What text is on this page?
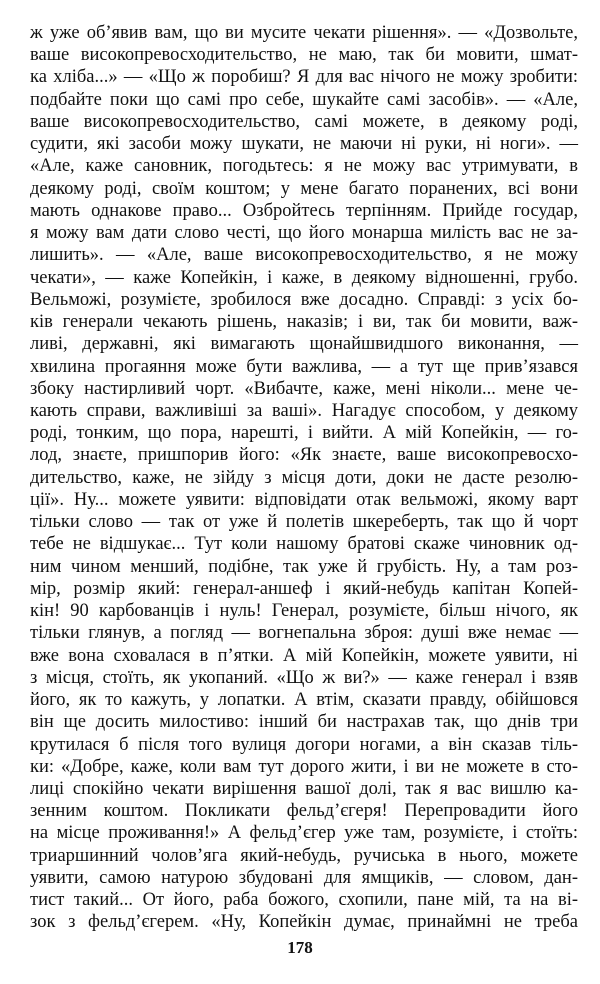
ж уже об’явив вам, що ви мусите чекати рішення». — «Дозвольте,
ваше високопревосходительство, не маю, так би мовити, шмат-
ка хліба...» — «Що ж поробиш? Я для вас нічого не можу зробити:
подбайте поки що самі про себе, шукайте самі засобів». — «Але,
ваше високопревосходительство, самі можете, в деякому роді,
судити, які засоби можу шукати, не маючи ні руки, ні ноги». —
«Але, каже сановник, погодьтесь: я не можу вас утримувати, в
деякому роді, своїм коштом; у мене багато поранених, всі вони
мають однакове право... Озбройтесь терпінням. Прийде государ,
я можу вам дати слово честі, що його монарша милість вас не за-
лишить». — «Але, ваше високопревосходительство, я не можу
чекати», — каже Копейкін, і каже, в деякому відношенні, грубо.
Вельможі, розумієте, зробилося вже досадно. Справді: з усіх бо-
ків генерали чекають рішень, наказів; і ви, так би мовити, важ-
ливі, державні, які вимагають щонайшвидшого виконання, —
хвилина прогаяння може бути важлива, — а тут ще прив’язався
збоку настирливий чорт. «Вибачте, каже, мені ніколи... мене че-
кають справи, важливіші за ваші». Нагадує способом, у деякому
роді, тонким, що пора, нарешті, і вийти. А мій Копейкін, — го-
лод, знаєте, пришпорив його: «Як знаєте, ваше високопревосхо-
дительство, каже, не зійду з місця доти, доки не дасте резолю-
ції». Ну... можете уявити: відповідати отак вельможі, якому варт
тільки слово — так от уже й полетів шкереберть, так що й чорт
тебе не відшукає... Тут коли нашому братові скаже чиновник од-
ним чином менший, подібне, так уже й грубість. Ну, а там роз-
мір, розмір який: генерал-аншеф і який-небудь капітан Копей-
кін! 90 карбованців і нуль! Генерал, розумієте, більш нічого, як
тільки глянув, а погляд — вогнепальна зброя: душі вже немає —
вже вона сховалася в п’ятки. А мій Копейкін, можете уявити, ні
з місця, стоїть, як укопаний. «Що ж ви?» — каже генерал і взяв
його, як то кажуть, у лопатки. А втім, сказати правду, обійшовся
він ще досить милостиво: інший би настрахав так, що днів три
крутилася б після того вулиця догори ногами, а він сказав тіль-
ки: «Добре, каже, коли вам тут дорого жити, і ви не можете в сто-
лиці спокійно чекати вирішення вашої долі, так я вас вишлю ка-
зенним коштом. Покликати фельд’єгеря! Перепровадити його
на місце проживання!» А фельд’єгер уже там, розумієте, і стоїть:
триаршинний чолов’яга який-небудь, ручиська в нього, можете
уявити, самою натурою збудовані для ямщиків, — словом, дан-
тист такий... От його, раба божого, схопили, пане мій, та на ві-
зок з фельд’єгерем. «Ну, Копейкін думає, принаймні не треба
178
